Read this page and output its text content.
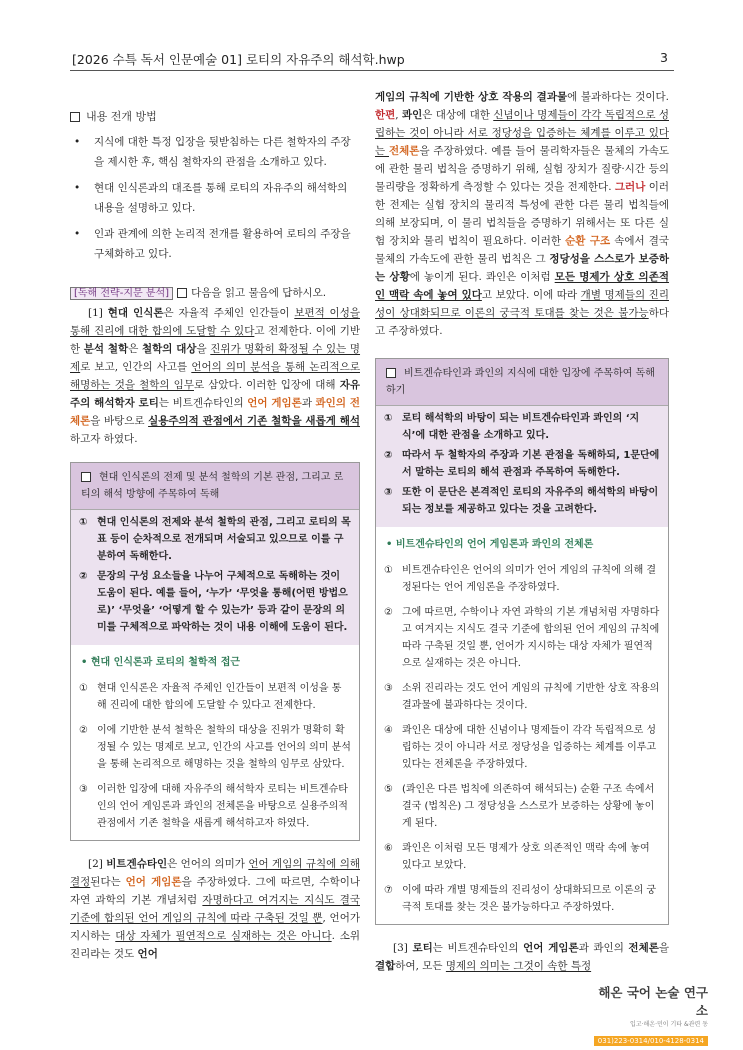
[2026 수특 독서 인문예술 01] 로티의 자유주의 해석학.hwp	3
내용 전개 방법
• 지식에 대한 특정 입장을 뒷받침하는 다른 철학자의 주장을 제시한 후, 핵심 철학자의 관점을 소개하고 있다.
• 현대 인식론과의 대조를 통해 로티의 자유주의 해석학의 내용을 설명하고 있다.
• 인과 관계에 의한 논리적 전개를 활용하여 로티의 주장을 구체화하고 있다.
[독해 전략-지문 분석] 다음을 읽고 물음에 답하시오.

[1] 현대 인식론은 자율적 주체인 인간들이 보편적 이성을 통해 진리에 대한 합의에 도달할 수 있다고 전제한다. 이에 기반한 분석 철학은 철학의 대상을 진위가 명확히 확정될 수 있는 명제로 보고, 인간의 사고를 언어의 의미 분석을 통해 논리적으로 해명하는 것을 철학의 임무로 삼았다. 이러한 입장에 대해 자유주의 해석학자 로티는 비트겐슈타인의 언어 게임론과 콰인의 전체론을 바탕으로 실용주의적 관점에서 기존 철학을 새롭게 해석하고자 하였다.

현대 인식론의 전제 및 분석 철학의 기본 관점, 그리고 로티의 해석 방향에 주목하여 독해
① 현대 인식론의 전제와 분석 철학의 관점, 그리고 로티의 목표 등이 순차적으로 전개되며 서술되고 있으므로 이를 구분하여 독해한다.
② 문장의 구성 요소들을 나누어 구체적으로 독해하는 것이 도움이 된다. 예를 들어, ‘누가’ ‘무엇을 통해(어떤 방법으로)’ ‘무엇을’ ‘어떻게 할 수 있는가’ 등과 같이 문장의 의미를 구체적으로 파악하는 것이 내용 이해에 도움이 된다.
• 현대 인식론과 로티의 철학적 접근
① 현대 인식론은 자율적 주체인 인간들이 보편적 이성을 통해 진리에 대한 합의에 도달할 수 있다고 전제한다.
② 이에 기반한 분석 철학은 철학의 대상을 진위가 명확히 확정될 수 있는 명제로 보고, 인간의 사고를 언어의 의미 분석을 통해 논리적으로 해명하는 것을 철학의 임무로 삼았다.
③ 이러한 입장에 대해 자유주의 해석학자 로티는 비트겐슈타인의 언어 게임론과 콰인의 전체론을 바탕으로 실용주의적 관점에서 기존 철학을 새롭게 해석하고자 하였다.

[2] 비트겐슈타인은 언어의 의미가 언어 게임의 규칙에 의해 결정된다는 언어 게임론을 주장하였다. 그에 따르면, 수학이나 자연 과학의 기본 개념처럼 자명하다고 여겨지는 지식도 결국 기준에 합의된 언어 게임의 규칙에 따라 구축된 것일 뿐, 언어가 지시하는 대상 자체가 필연적으로 실재하는 것은 아니다. 소위 진리라는 것도 언어

게임의 규칙에 기반한 상호 작용의 결과물에 불과하다는 것이다. 한편, 콰인은 대상에 대한 신념이나 명제들이 각각 독립적으로 성립하는 것이 아니라 서로 정당성을 입증하는 체계를 이루고 있다는 전체론을 주장하였다. 예를 들어 물리학자들은 물체의 가속도에 관한 물리 법칙을 증명하기 위해, 실험 장치가 질량·시간 등의 물리량을 정확하게 측정할 수 있다는 것을 전제한다. 그러나 이러한 전제는 실험 장치의 물리적 특성에 관한 다른 물리 법칙들에 의해 보장되며, 이 물리 법칙들을 증명하기 위해서는 또 다른 실험 장치와 물리 법칙이 필요하다. 이러한 순환 구조 속에서 결국 물체의 가속도에 관한 물리 법칙은 그 정당성을 스스로가 보증하는 상황에 놓이게 된다. 콰인은 이처럼 모든 명제가 상호 의존적인 맥락 속에 놓여 있다고 보았다. 이에 따라 개별 명제들의 진리성이 상대화되므로 이론의 궁극적 토대를 찾는 것은 불가능하다고 주장하였다.

비트겐슈타인과 콰인의 지식에 대한 입장에 주목하여 독해하기
① 로티 해석학의 바탕이 되는 비트겐슈타인과 콰인의 ‘지식’에 대한 관점을 소개하고 있다.
② 따라서 두 철학자의 주장과 기본 관점을 독해하되, 1문단에서 말하는 로티의 해석 관점과 주목하여 독해한다.
③ 또한 이 문단은 본격적인 로티의 자유주의 해석학의 바탕이 되는 정보를 제공하고 있다는 것을 고려한다.
• 비트겐슈타인의 언어 게임론과 콰인의 전체론
① 비트겐슈타인은 언어의 의미가 언어 게임의 규칙에 의해 결정된다는 언어 게임론을 주장하였다.
② 그에 따르면, 수학이나 자연 과학의 기본 개념처럼 자명하다고 여겨지는 지식도 결국 기준에 합의된 언어 게임의 규칙에 따라 구축된 것일 뿐, 언어가 지시하는 대상 자체가 필연적으로 실재하는 것은 아니다.
③ 소위 진리라는 것도 언어 게임의 규칙에 기반한 상호 작용의 결과물에 불과하다는 것이다.
④ 콰인은 대상에 대한 신념이나 명제들이 각각 독립적으로 성립하는 것이 아니라 서로 정당성을 입증하는 체계를 이루고 있다는 전체론을 주장하였다.
⑤ (콰인은 다른 법칙에 의존하여 해석되는) 순환 구조 속에서 결국 (법칙은) 그 정당성을 스스로가 보증하는 상황에 놓이게 된다.
⑥ 콰인은 이처럼 모든 명제가 상호 의존적인 맥락 속에 놓여 있다고 보았다.
⑦ 이에 따라 개별 명제들의 진리성이 상대화되므로 이론의 궁극적 토대를 찾는 것은 불가능하다고 주장하였다.

[3] 로티는 비트겐슈타인의 언어 게임론과 콰인의 전체론을 결합하여, 모든 명제의 의미는 그것이 속한 특정

해온 국어 논술 연구소
입고·해온·민이 기타 &관련 동
031)223-0314/010-4128-0314
